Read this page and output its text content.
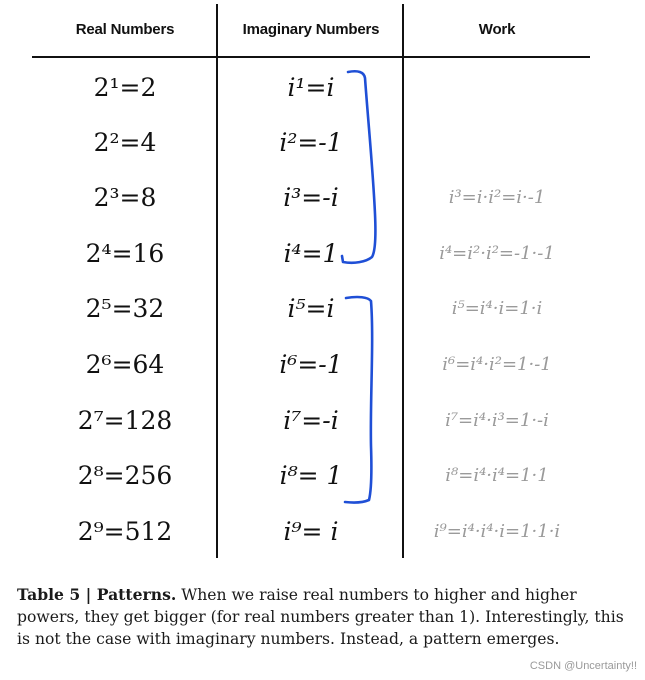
Real Numbers	Imaginary Numbers	Work
2¹=2	i¹=i
2²=4	i²=-1
2³=8	i³=-i	i³=i·i²=i·-1
2⁴=16	i⁴=1	i⁴=i²·i²=-1·-1
2⁵=32	i⁵=i	i⁵=i⁴·i=1·i
2⁶=64	i⁶=-1	i⁶=i⁴·i²=1·-1
2⁷=128	i⁷=-i	i⁷=i⁴·i³=1·-i
2⁸=256	i⁸= 1	i⁸=i⁴·i⁴=1·1
2⁹=512	i⁹= i	i⁹=i⁴·i⁴·i=1·1·i
Table 5 | Patterns. When we raise real numbers to higher and higher powers, they get bigger (for real numbers greater than 1). Interestingly, this is not the case with imaginary numbers. Instead, a pattern emerges.
CSDN @Uncertainty!!
